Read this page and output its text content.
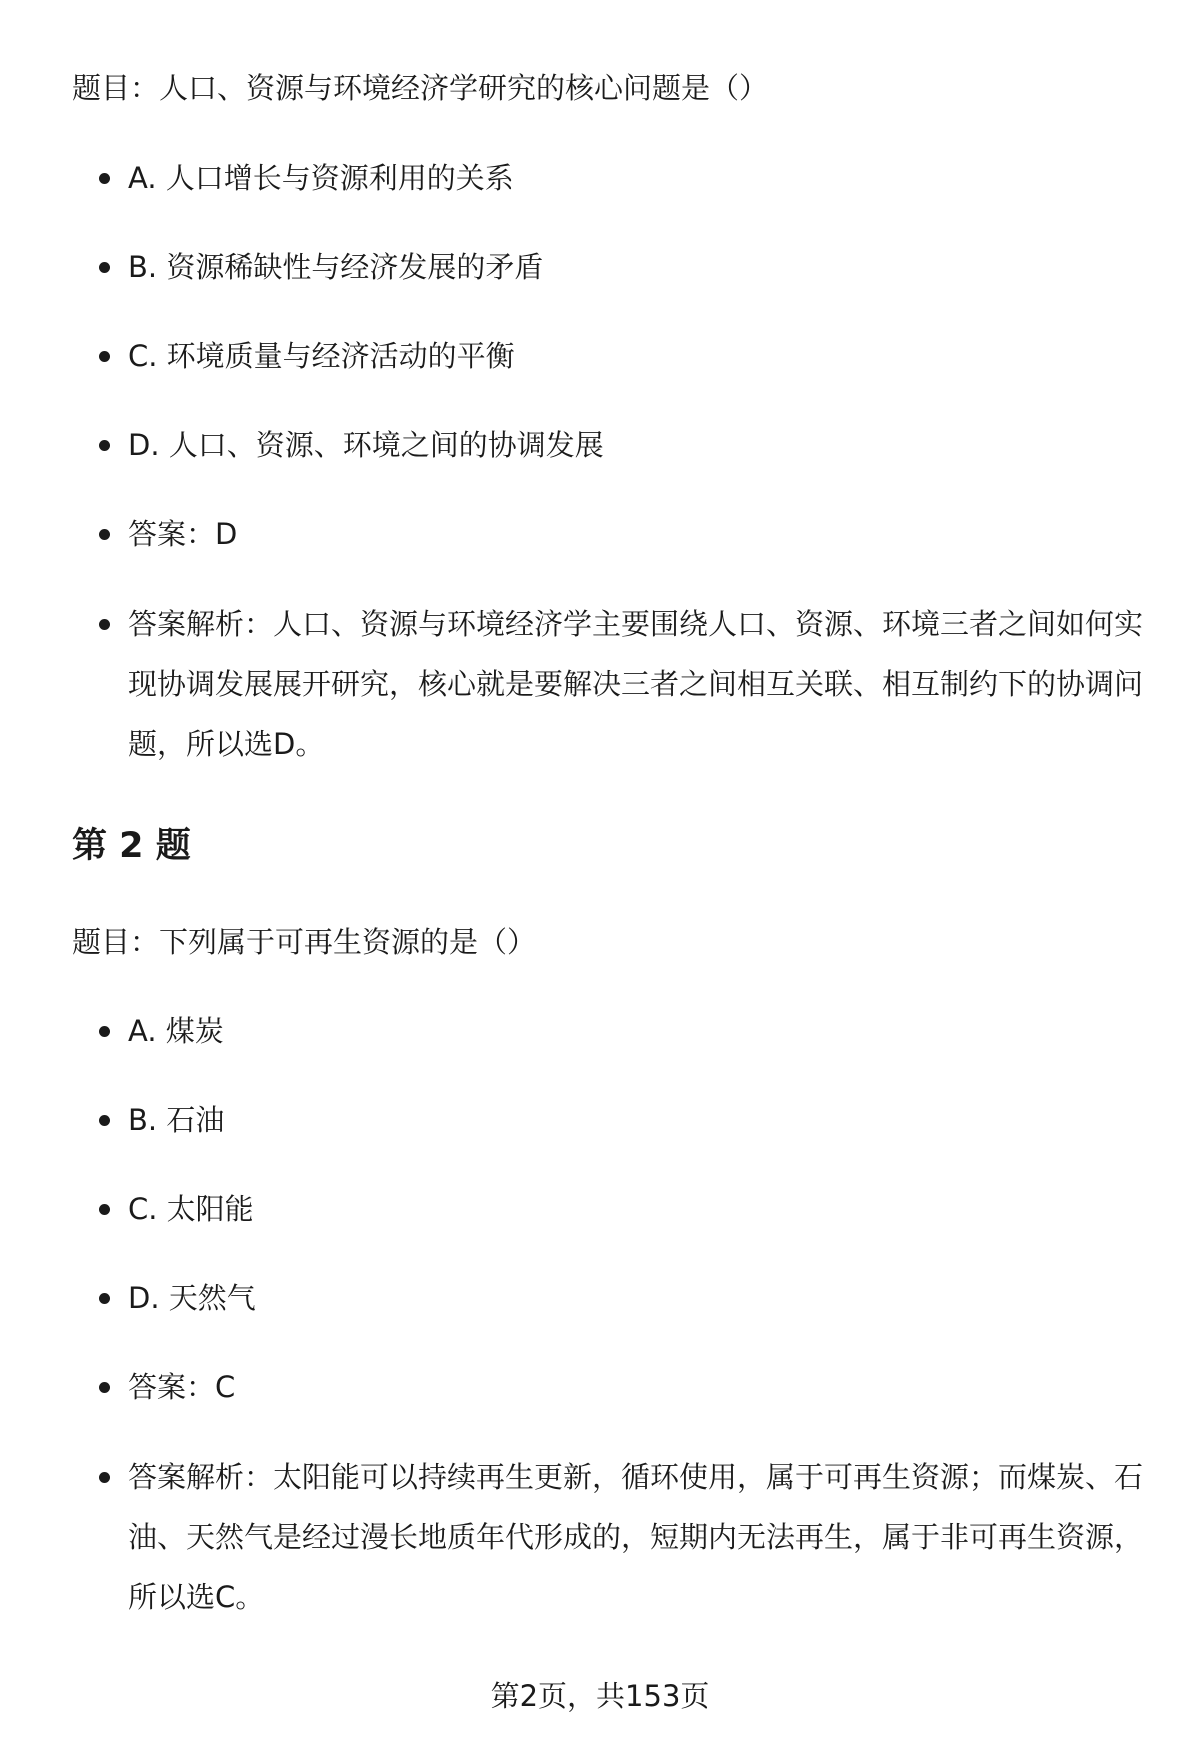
题目：人口、资源与环境经济学研究的核心问题是（）

A. 人口增长与资源利用的关系
B. 资源稀缺性与经济发展的矛盾
C. 环境质量与经济活动的平衡
D. 人口、资源、环境之间的协调发展
答案：D
答案解析：人口、资源与环境经济学主要围绕人口、资源、环境三者之间如何实现协调发展展开研究，核心就是要解决三者之间相互关联、相互制约下的协调问题，所以选D。
第 2 题

题目：下列属于可再生资源的是（）

A. 煤炭
B. 石油
C. 太阳能
D. 天然气
答案：C
答案解析：太阳能可以持续再生更新，循环使用，属于可再生资源；而煤炭、石油、天然气是经过漫长地质年代形成的，短期内无法再生，属于非可再生资源，所以选C。
第2页，共153页
